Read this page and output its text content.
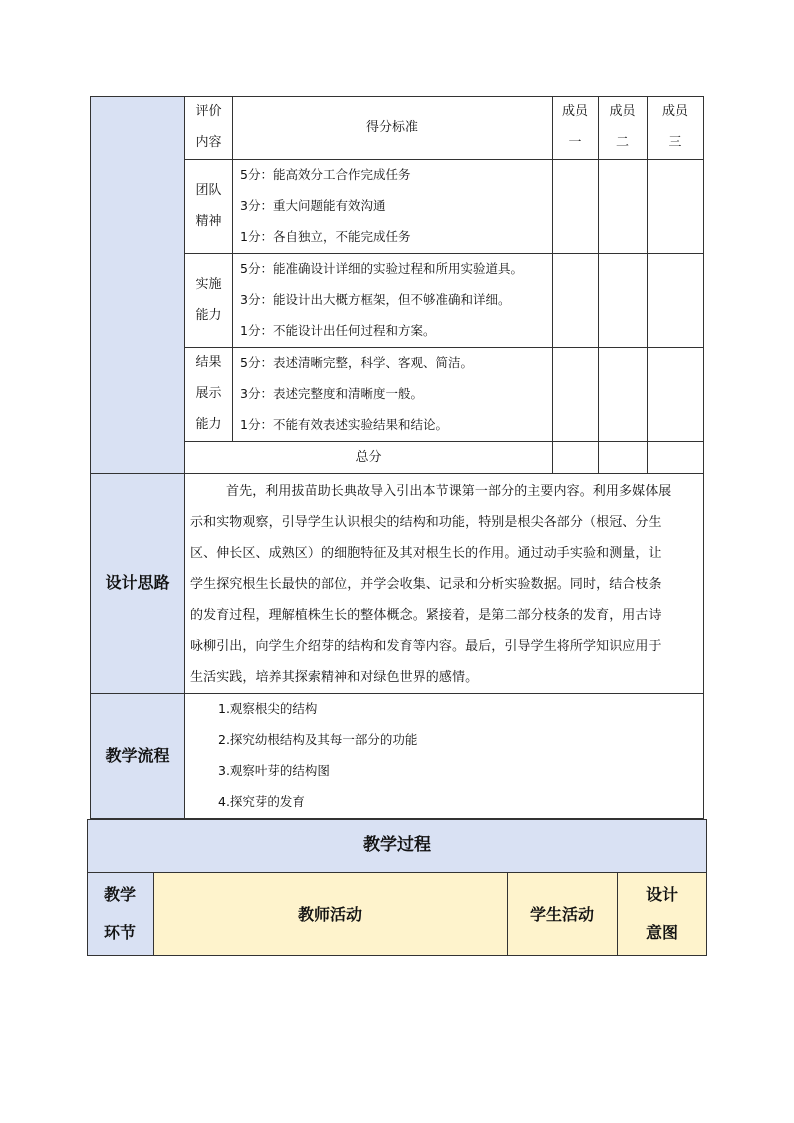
评价
内容
得分标准
成员
一
成员
二
成员
三
团队
精神
5分：能高效分工合作完成任务
3分：重大问题能有效沟通
1分：各自独立，不能完成任务
实施
能力
5分：能准确设计详细的实验过程和所用实验道具。
3分：能设计出大概方框架，但不够准确和详细。
1分：不能设计出任何过程和方案。
结果
展示
能力
5分：表述清晰完整，科学、客观、简洁。
3分：表述完整度和清晰度一般。
1分：不能有效表述实验结果和结论。
总分
设计思路
首先，利用拔苗助长典故导入引出本节课第一部分的主要内容。利用多媒体展
示和实物观察，引导学生认识根尖的结构和功能，特别是根尖各部分（根冠、分生
区、伸长区、成熟区）的细胞特征及其对根生长的作用。通过动手实验和测量，让
学生探究根生长最快的部位，并学会收集、记录和分析实验数据。同时，结合枝条
的发育过程，理解植株生长的整体概念。紧接着，是第二部分枝条的发育，用古诗
咏柳引出，向学生介绍芽的结构和发育等内容。最后，引导学生将所学知识应用于
生活实践，培养其探索精神和对绿色世界的感情。
教学流程
1.观察根尖的结构
2.探究幼根结构及其每一部分的功能
3.观察叶芽的结构图
4.探究芽的发育
教学过程
教学
环节
教师活动	学生活动
设计
意图
